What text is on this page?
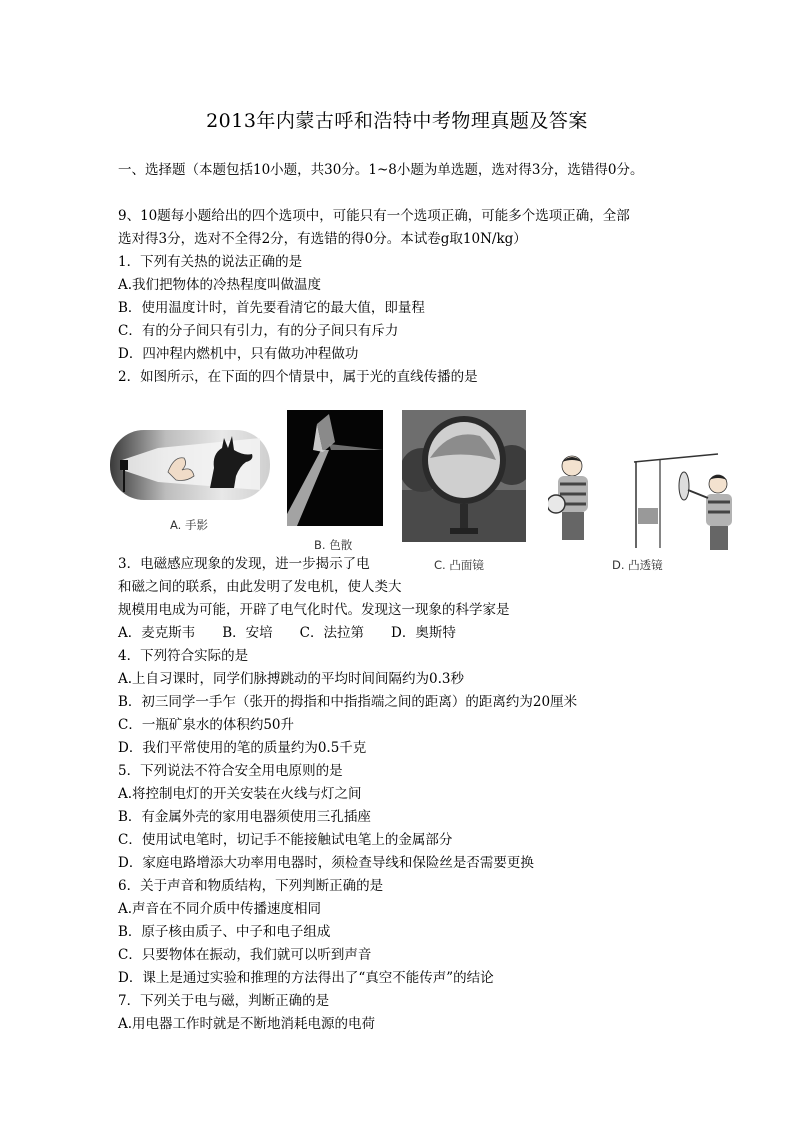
2013年内蒙古呼和浩特中考物理真题及答案
一、选择题（本题包括10小题，共30分。1~8小题为单选题，选对得3分，选错得0分。
9、10题每小题给出的四个选项中，可能只有一个选项正确，可能多个选项正确，全部
选对得3分，选对不全得2分，有选错的得0分。本试卷g取10N/kg）
1．下列有关热的说法正确的是
A.我们把物体的冷热程度叫做温度
B．使用温度计时，首先要看清它的最大值，即量程
C．有的分子间只有引力，有的分子间只有斥力
D．四冲程内燃机中，只有做功冲程做功
2．如图所示，在下面的四个情景中，属于光的直线传播的是
A. 手影
B. 色散
C. 凸面镜	D. 凸透镜
3．电磁感应现象的发现，进一步揭示了电
和磁之间的联系，由此发明了发电机，使人类大
规模用电成为可能，开辟了电气化时代。发现这一现象的科学家是
A．麦克斯韦　　B．安培　　C．法拉第　　D．奥斯特
4．下列符合实际的是
A.上自习课时，同学们脉搏跳动的平均时间间隔约为0.3秒
B．初三同学一手乍（张开的拇指和中指指端之间的距离）的距离约为20厘米
C．一瓶矿泉水的体积约50升
D．我们平常使用的笔的质量约为0.5千克
5．下列说法不符合安全用电原则的是
A.将控制电灯的开关安装在火线与灯之间
B．有金属外壳的家用电器须使用三孔插座
C．使用试电笔时，切记手不能接触试电笔上的金属部分
D．家庭电路增添大功率用电器时，须检查导线和保险丝是否需要更换
6．关于声音和物质结构，下列判断正确的是
A.声音在不同介质中传播速度相同
B．原子核由质子、中子和电子组成
C．只要物体在振动，我们就可以听到声音
D．课上是通过实验和推理的方法得出了“真空不能传声”的结论
7．下列关于电与磁，判断正确的是
A.用电器工作时就是不断地消耗电源的电荷
